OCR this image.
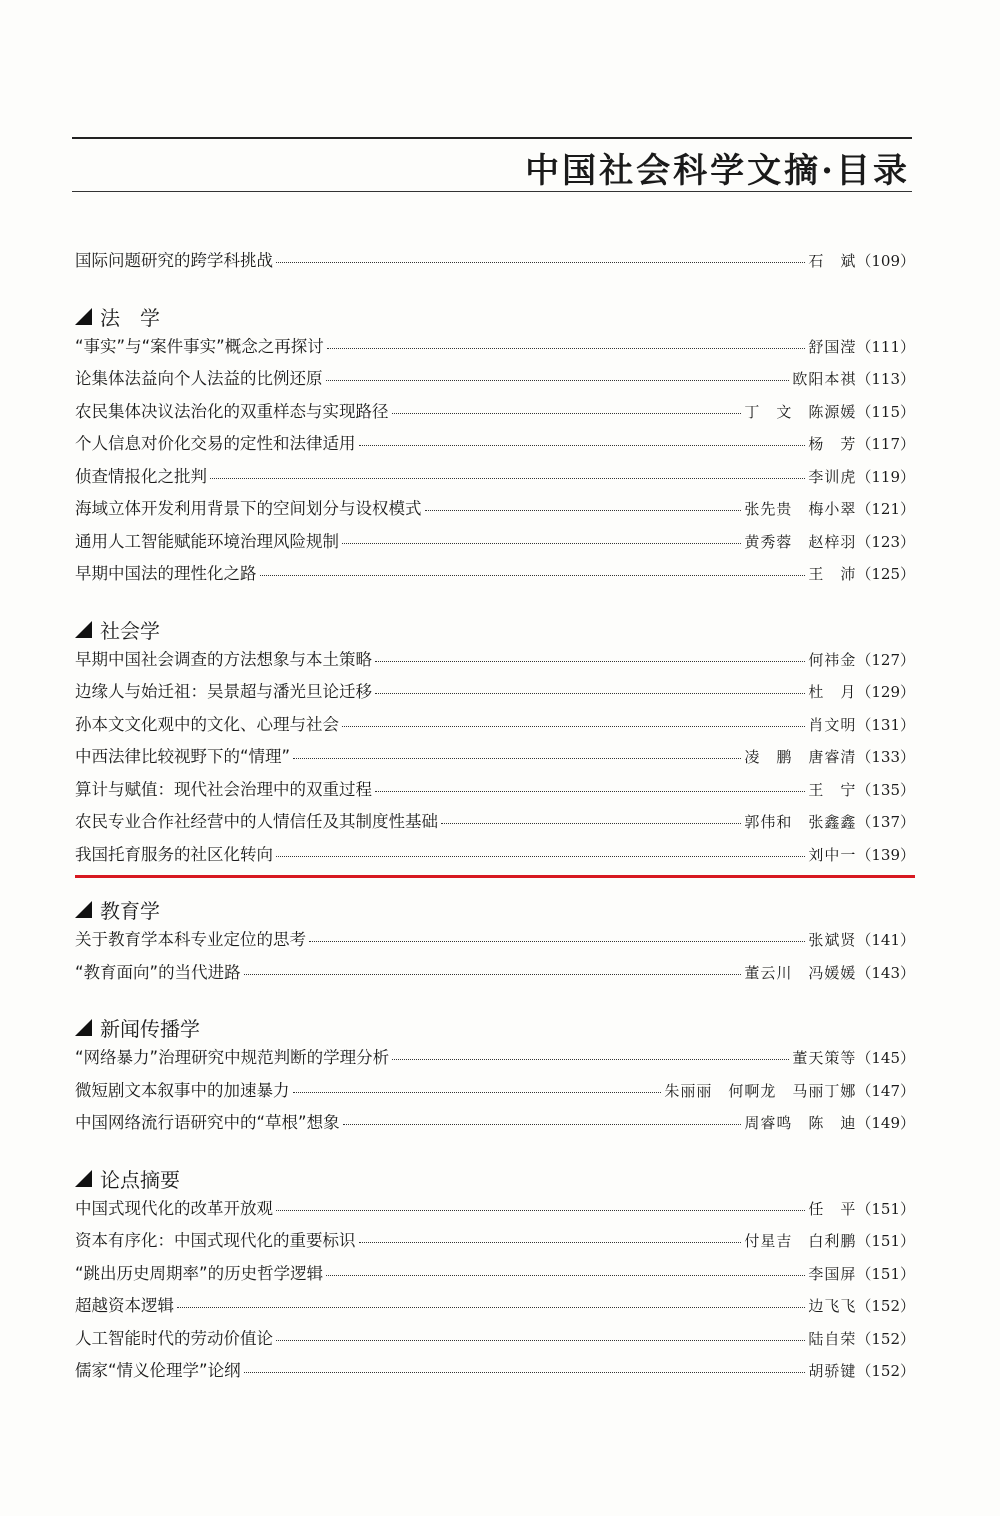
中国社会科学文摘·目录
国际问题研究的跨学科挑战	石　斌 （109）
法　学
“事实”与“案件事实”概念之再探讨	舒国滢 （111）
论集体法益向个人法益的比例还原	欧阳本祺 （113）
农民集体决议法治化的双重样态与实现路径	丁　文　陈源媛 （115）
个人信息对价化交易的定性和法律适用	杨　芳 （117）
侦查情报化之批判	李训虎 （119）
海域立体开发利用背景下的空间划分与设权模式	张先贵　梅小翠 （121）
通用人工智能赋能环境治理风险规制	黄秀蓉　赵梓羽 （123）
早期中国法的理性化之路	王　沛 （125）
社会学
早期中国社会调查的方法想象与本土策略	何祎金 （127）
边缘人与始迁祖：吴景超与潘光旦论迁移	杜　月 （129）
孙本文文化观中的文化、心理与社会	肖文明 （131）
中西法律比较视野下的“情理”	凌　鹏　唐睿清 （133）
算计与赋值：现代社会治理中的双重过程	王　宁 （135）
农民专业合作社经营中的人情信任及其制度性基础	郭伟和　张鑫鑫 （137）
我国托育服务的社区化转向	刘中一 （139）
教育学
关于教育学本科专业定位的思考	张斌贤 （141）
“教育面向”的当代进路	董云川　冯媛媛 （143）
新闻传播学
“网络暴力”治理研究中规范判断的学理分析	董天策等 （145）
微短剧文本叙事中的加速暴力	朱丽丽　何啊龙　马丽丁娜 （147）
中国网络流行语研究中的“草根”想象	周睿鸣　陈　迪 （149）
论点摘要
中国式现代化的改革开放观	任　平 （151）
资本有序化：中国式现代化的重要标识	付星吉　白利鹏 （151）
“跳出历史周期率”的历史哲学逻辑	李国屏 （151）
超越资本逻辑	边飞飞 （152）
人工智能时代的劳动价值论	陆自荣 （152）
儒家“情义伦理学”论纲	胡骄键 （152）
